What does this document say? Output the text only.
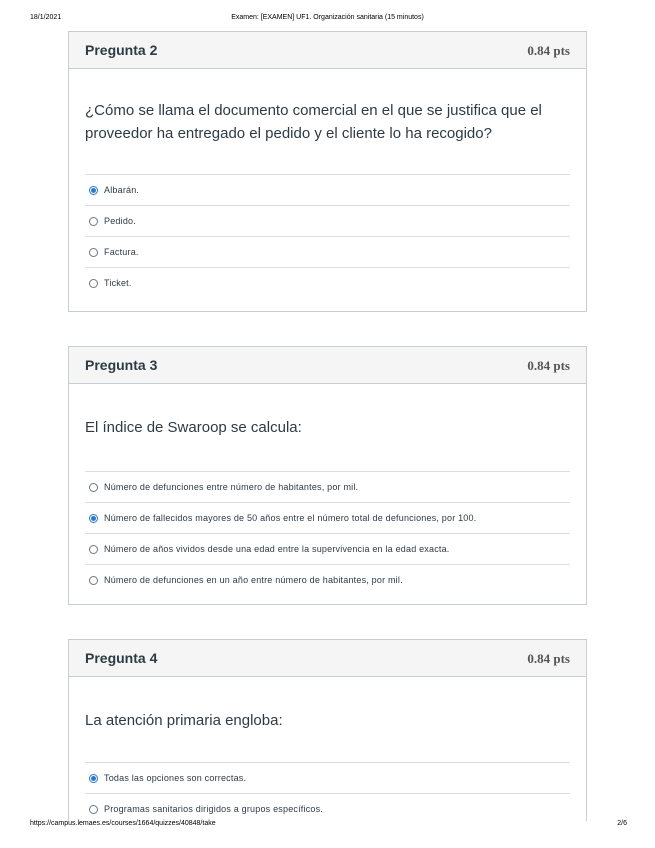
18/1/2021	Examen: [EXAMEN] UF1. Organización sanitaria (15 minutos)
Pregunta 2	0.84 pts
¿Cómo se llama el documento comercial en el que se justifica que el proveedor ha entregado el pedido y el cliente lo ha recogido?
Albarán.
Pedido.
Factura.
Ticket.
Pregunta 3	0.84 pts
El índice de Swaroop se calcula:
Número de defunciones entre número de habitantes, por mil.
Número de fallecidos mayores de 50 años entre el número total de defunciones, por 100.
Número de años vividos desde una edad entre la supervivencia en la edad exacta.
Número de defunciones en un año entre número de habitantes, por mil.
Pregunta 4	0.84 pts
La atención primaria engloba:
Todas las opciones son correctas.
Programas sanitarios dirigidos a grupos específicos.
https://campus.lemaes.es/courses/1664/quizzes/40848/take	2/6
